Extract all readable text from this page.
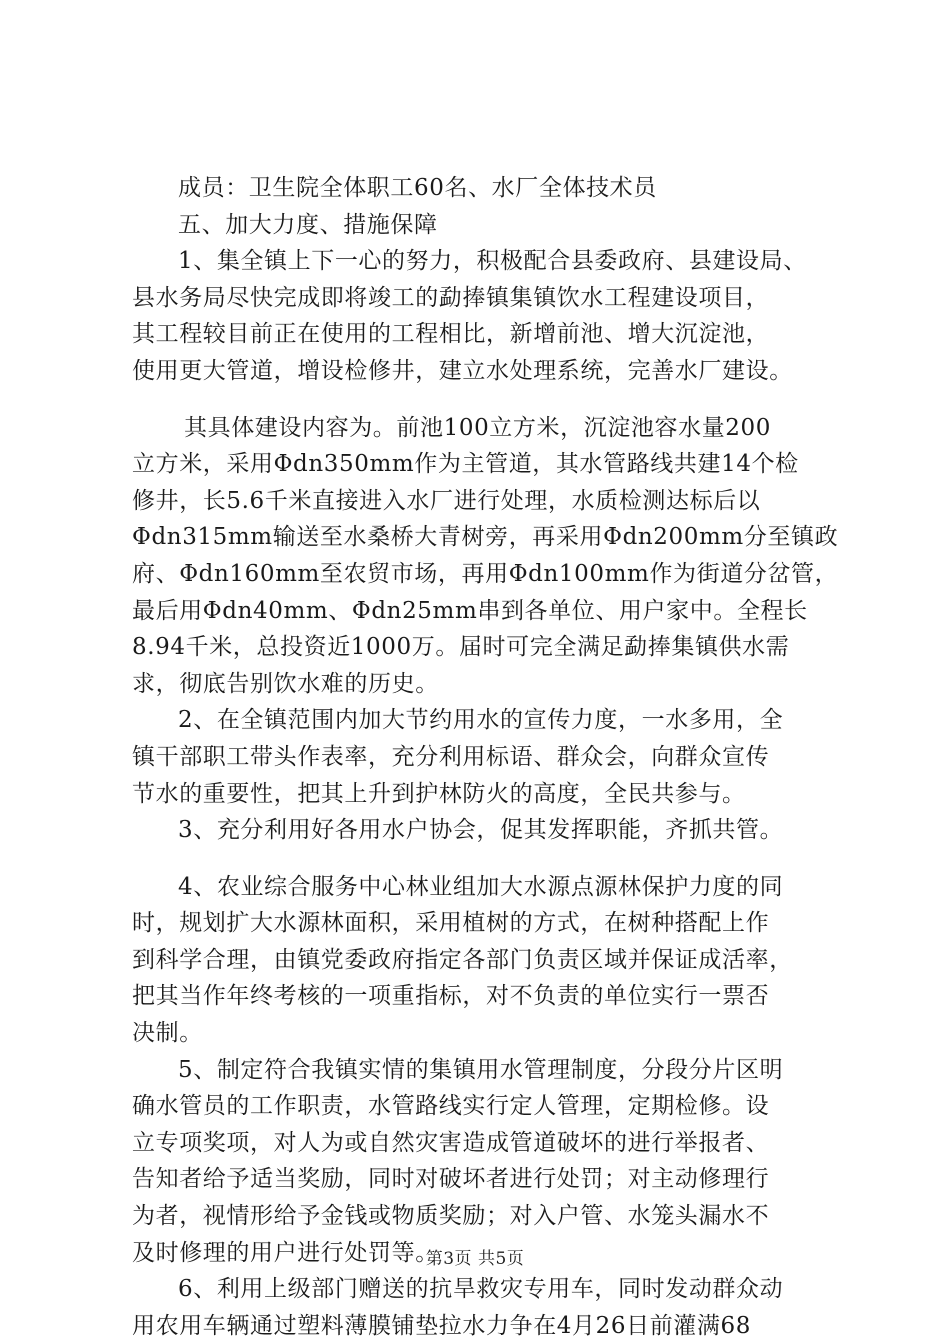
成员：卫生院全体职工60名、水厂全体技术员
五、加大力度、措施保障
1、集全镇上下一心的努力，积极配合县委政府、县建设局、
县水务局尽快完成即将竣工的勐捧镇集镇饮水工程建设项目，
其工程较目前正在使用的工程相比，新增前池、增大沉淀池，
使用更大管道，增设检修井，建立水处理系统，完善水厂建设。
其具体建设内容为。前池100立方米，沉淀池容水量200
立方米，采用Φdn350mm作为主管道，其水管路线共建14个检
修井，长5.6千米直接进入水厂进行处理，水质检测达标后以
Φdn315mm输送至水桑桥大青树旁，再采用Φdn200mm分至镇政
府、Φdn160mm至农贸市场，再用Φdn100mm作为街道分岔管，
最后用Φdn40mm、Φdn25mm串到各单位、用户家中。全程长
8.94千米，总投资近1000万。届时可完全满足勐捧集镇供水需
求，彻底告别饮水难的历史。
2、在全镇范围内加大节约用水的宣传力度，一水多用，全
镇干部职工带头作表率，充分利用标语、群众会，向群众宣传
节水的重要性，把其上升到护林防火的高度，全民共参与。
3、充分利用好各用水户协会，促其发挥职能，齐抓共管。
4、农业综合服务中心林业组加大水源点源林保护力度的同
时，规划扩大水源林面积，采用植树的方式，在树种搭配上作
到科学合理，由镇党委政府指定各部门负责区域并保证成活率，
把其当作年终考核的一项重指标，对不负责的单位实行一票否
决制。
5、制定符合我镇实情的集镇用水管理制度，分段分片区明
确水管员的工作职责，水管路线实行定人管理，定期检修。设
立专项奖项，对人为或自然灾害造成管道破坏的进行举报者、
告知者给予适当奖励，同时对破坏者进行处罚；对主动修理行
为者，视情形给予金钱或物质奖励；对入户管、水笼头漏水不
及时修理的用户进行处罚等。
6、利用上级部门赠送的抗旱救灾专用车，同时发动群众动
用农用车辆通过塑料薄膜铺垫拉水力争在4月26日前灌满68
第3页 共5页
